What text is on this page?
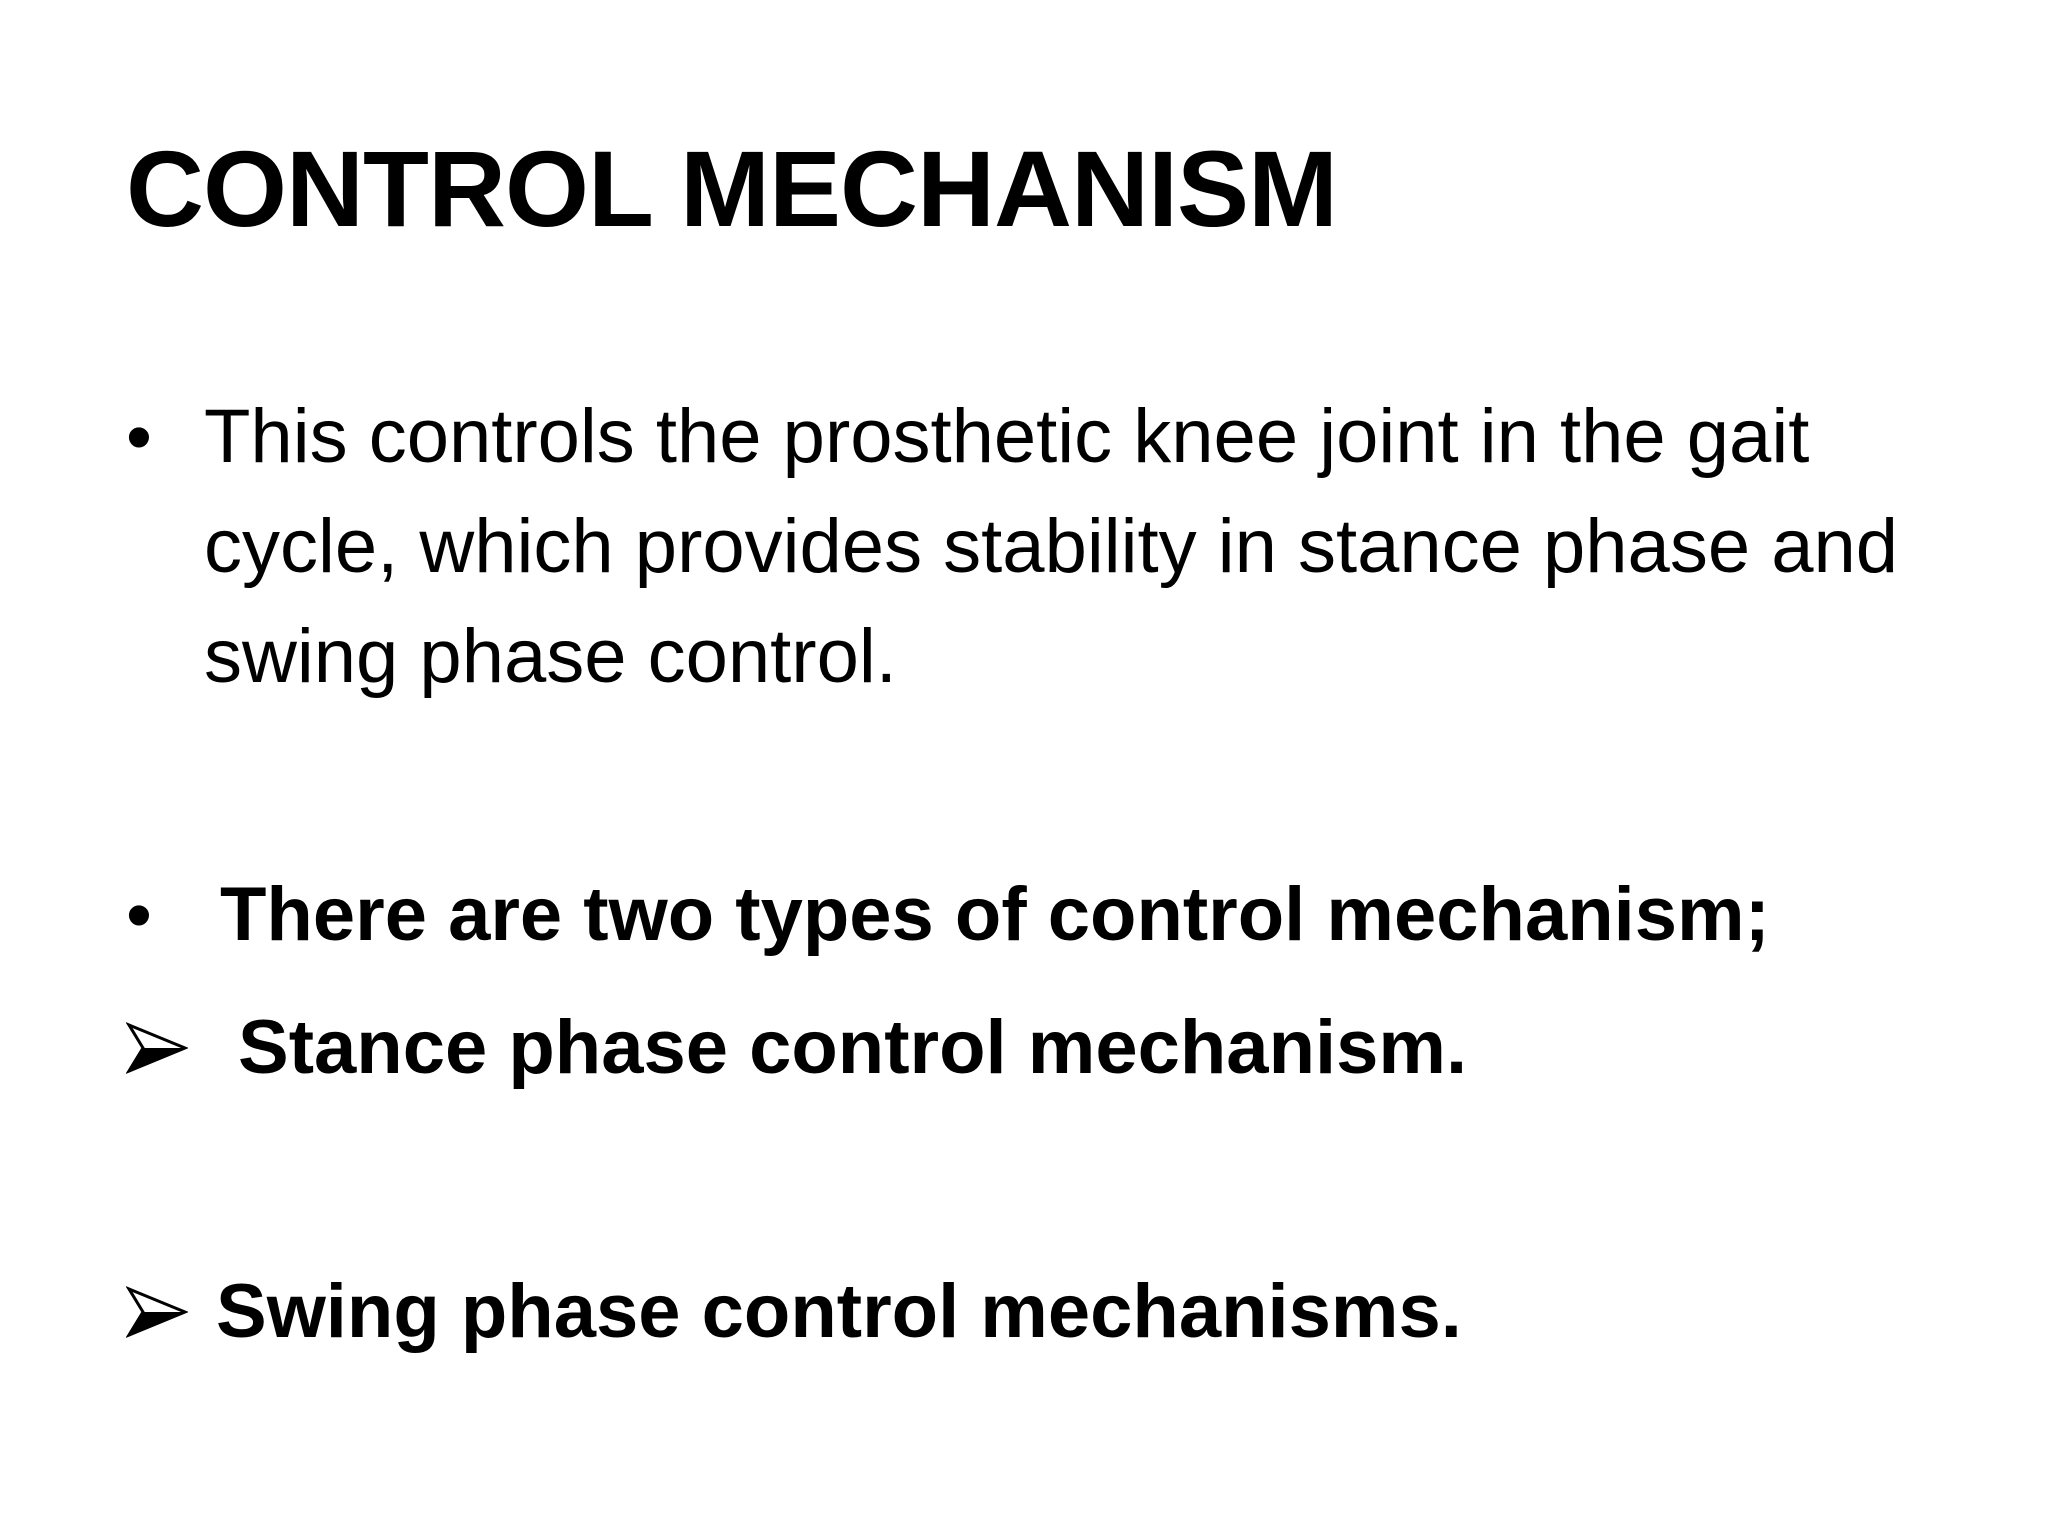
CONTROL MECHANISM
• This controls the prosthetic knee joint in the gait cycle, which provides stability in stance phase and swing phase control.
• There are two types of control mechanism;
Stance phase control mechanism.
Swing phase control mechanisms.
